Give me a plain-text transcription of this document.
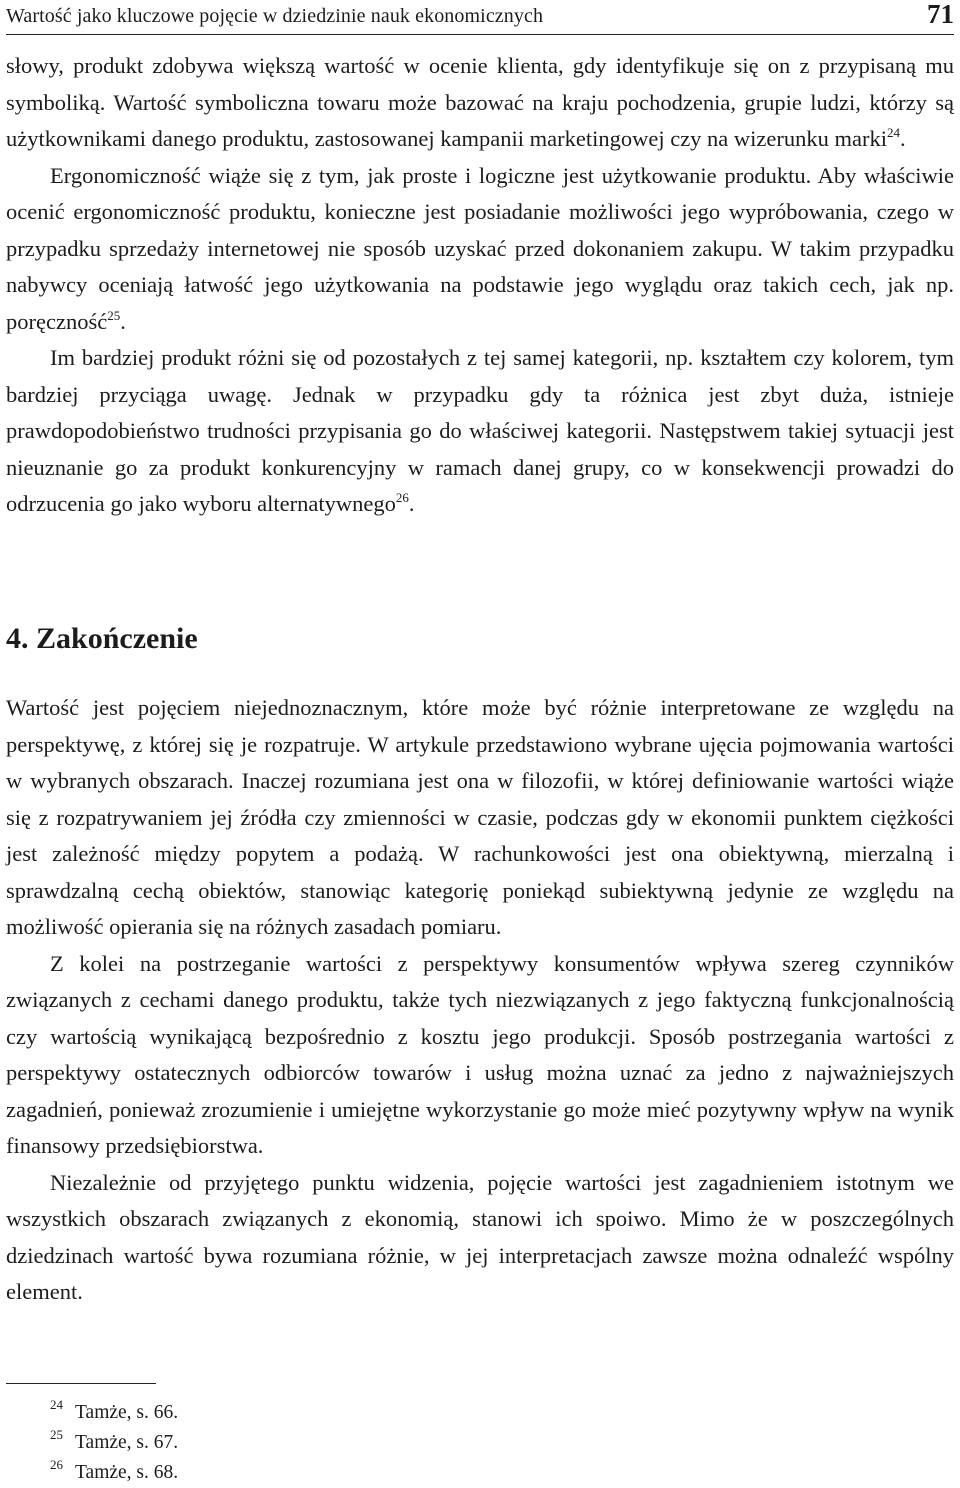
Wartość jako kluczowe pojęcie w dziedzinie nauk ekonomicznych	71

słowy, produkt zdobywa większą wartość w ocenie klienta, gdy identyfikuje się on z przypisaną mu symboliką. Wartość symboliczna towaru może bazować na kraju pochodzenia, grupie ludzi, którzy są użytkownikami danego produktu, zastosowanej kampanii marketingowej czy na wizerunku marki$^{24}$.

Ergonomiczność wiąże się z tym, jak proste i logiczne jest użytkowanie produktu. Aby właściwie ocenić ergonomiczność produktu, konieczne jest posiadanie możliwości jego wypróbowania, czego w przypadku sprzedaży internetowej nie sposób uzyskać przed dokonaniem zakupu. W takim przypadku nabywcy oceniają łatwość jego użytkowania na podstawie jego wyglądu oraz takich cech, jak np. poręczność$^{25}$.

Im bardziej produkt różni się od pozostałych z tej samej kategorii, np. kształtem czy kolorem, tym bardziej przyciąga uwagę. Jednak w przypadku gdy ta różnica jest zbyt duża, istnieje prawdopodobieństwo trudności przypisania go do właściwej kategorii. Następstwem takiej sytuacji jest nieuznanie go za produkt konkurencyjny w ramach danej grupy, co w konsekwencji prowadzi do odrzucenia go jako wyboru alternatywnego$^{26}$.

4. Zakończenie

Wartość jest pojęciem niejednoznacznym, które może być różnie interpretowane ze względu na perspektywę, z której się je rozpatruje. W artykule przedstawiono wybrane ujęcia pojmowania wartości w wybranych obszarach. Inaczej rozumiana jest ona w filozofii, w której definiowanie wartości wiąże się z rozpatrywaniem jej źródła czy zmienności w czasie, podczas gdy w ekonomii punktem ciężkości jest zależność między popytem a podażą. W rachunkowości jest ona obiektywną, mierzalną i sprawdzalną cechą obiektów, stanowiąc kategorię poniekąd subiektywną jedynie ze względu na możliwość opierania się na różnych zasadach pomiaru.

Z kolei na postrzeganie wartości z perspektywy konsumentów wpływa szereg czynników związanych z cechami danego produktu, także tych niezwiązanych z jego faktyczną funkcjonalnością czy wartością wynikającą bezpośrednio z kosztu jego produkcji. Sposób postrzegania wartości z perspektywy ostatecznych odbiorców towarów i usług można uznać za jedno z najważniejszych zagadnień, ponieważ zrozumienie i umiejętne wykorzystanie go może mieć pozytywny wpływ na wynik finansowy przedsiębiorstwa.

Niezależnie od przyjętego punktu widzenia, pojęcie wartości jest zagadnieniem istotnym we wszystkich obszarach związanych z ekonomią, stanowi ich spoiwo. Mimo że w poszczególnych dziedzinach wartość bywa rozumiana różnie, w jej interpretacjach zawsze można odnaleźć wspólny element.

24 Tamże, s. 66.
25 Tamże, s. 67.
26 Tamże, s. 68.
